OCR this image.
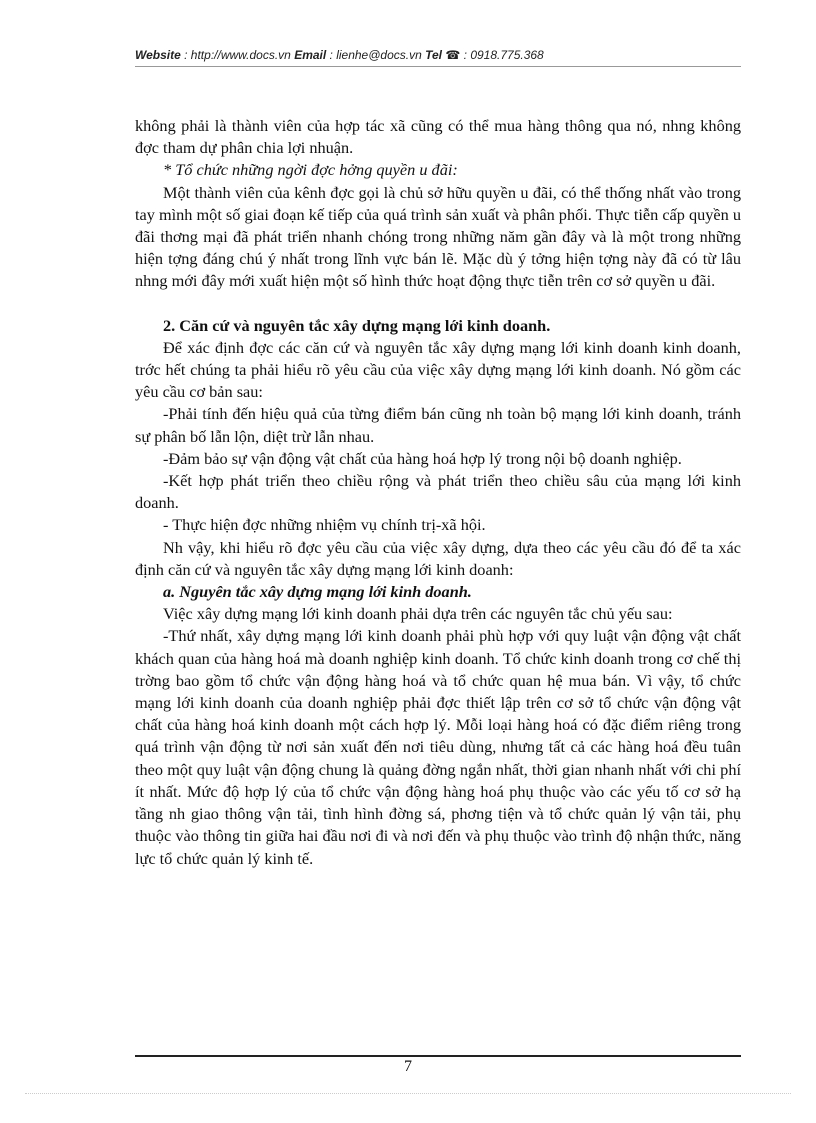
Website : http://www.docs.vn Email : lienhe@docs.vn Tel ☎ : 0918.775.368

không phải là thành viên của hợp tác xã cũng có thể mua hàng thông qua nó, nhng không đợc tham dự phân chia lợi nhuận.

* Tổ chức những ngời đợc hởng quyền u đãi:

Một thành viên của kênh đợc gọi là chủ sở hữu quyền u đãi, có thể thống nhất vào trong tay mình một số giai đoạn kế tiếp của quá trình sản xuất và phân phối. Thực tiễn cấp quyền u đãi thơng mại đã phát triển nhanh chóng trong những năm gần đây và là một trong những hiện tợng đáng chú ý nhất trong lĩnh vực bán lẽ. Mặc dù ý tởng hiện tợng này đã có từ lâu nhng mới đây mới xuất hiện một số hình thức hoạt động thực tiễn trên cơ sở quyền u đãi.

2. Căn cứ và nguyên tắc xây dựng mạng lới kinh doanh.

Để xác định đợc các căn cứ và nguyên tắc xây dựng mạng lới kinh doanh kinh doanh, trớc hết chúng ta phải hiểu rõ yêu cầu của việc xây dựng mạng lới kinh doanh. Nó gồm các yêu cầu cơ bản sau:

-Phải tính đến hiệu quả của từng điểm bán cũng nh toàn bộ mạng lới kinh doanh, tránh sự phân bố lẫn lộn, diệt trừ lẫn nhau.

-Đảm bảo sự vận động vật chất của hàng hoá hợp lý trong nội bộ doanh nghiệp.

-Kết hợp phát triển theo chiều rộng và phát triển theo chiều sâu của mạng lới kinh doanh.

- Thực hiện đợc những nhiệm vụ chính trị-xã hội.

Nh vậy, khi hiểu rõ đợc yêu cầu của việc xây dựng, dựa theo các yêu cầu đó để ta xác định căn cứ và nguyên tắc xây dựng mạng lới kinh doanh:

a. Nguyên tắc xây dựng mạng lới kinh doanh.

Việc xây dựng mạng lới kinh doanh phải dựa trên các nguyên tắc chủ yếu sau:

-Thứ nhất, xây dựng mạng lới kinh doanh phải phù hợp với quy luật vận động vật chất khách quan của hàng hoá mà doanh nghiệp kinh doanh. Tổ chức kinh doanh trong cơ chế thị trờng bao gồm tổ chức vận động hàng hoá và tổ chức quan hệ mua bán. Vì vậy, tổ chức mạng lới kinh doanh của doanh nghiệp phải đợc thiết lập trên cơ sở tổ chức vận động vật chất của hàng hoá kinh doanh một cách hợp lý. Mỗi loại hàng hoá có đặc điểm riêng trong quá trình vận động từ nơi sản xuất đến nơi tiêu dùng, nhưng tất cả các hàng hoá đều tuân theo một quy luật vận động chung là quảng đờng ngắn nhất, thời gian nhanh nhất với chi phí ít nhất. Mức độ hợp lý của tổ chức vận động hàng hoá phụ thuộc vào các yếu tố cơ sở hạ tầng nh giao thông vận tải, tình hình đờng sá, phơng tiện và tổ chức quản lý vận tải, phụ thuộc vào thông tin giữa hai đầu nơi đi và nơi đến và phụ thuộc vào trình độ nhận thức, năng lực tổ chức quản lý kinh tế.

7
